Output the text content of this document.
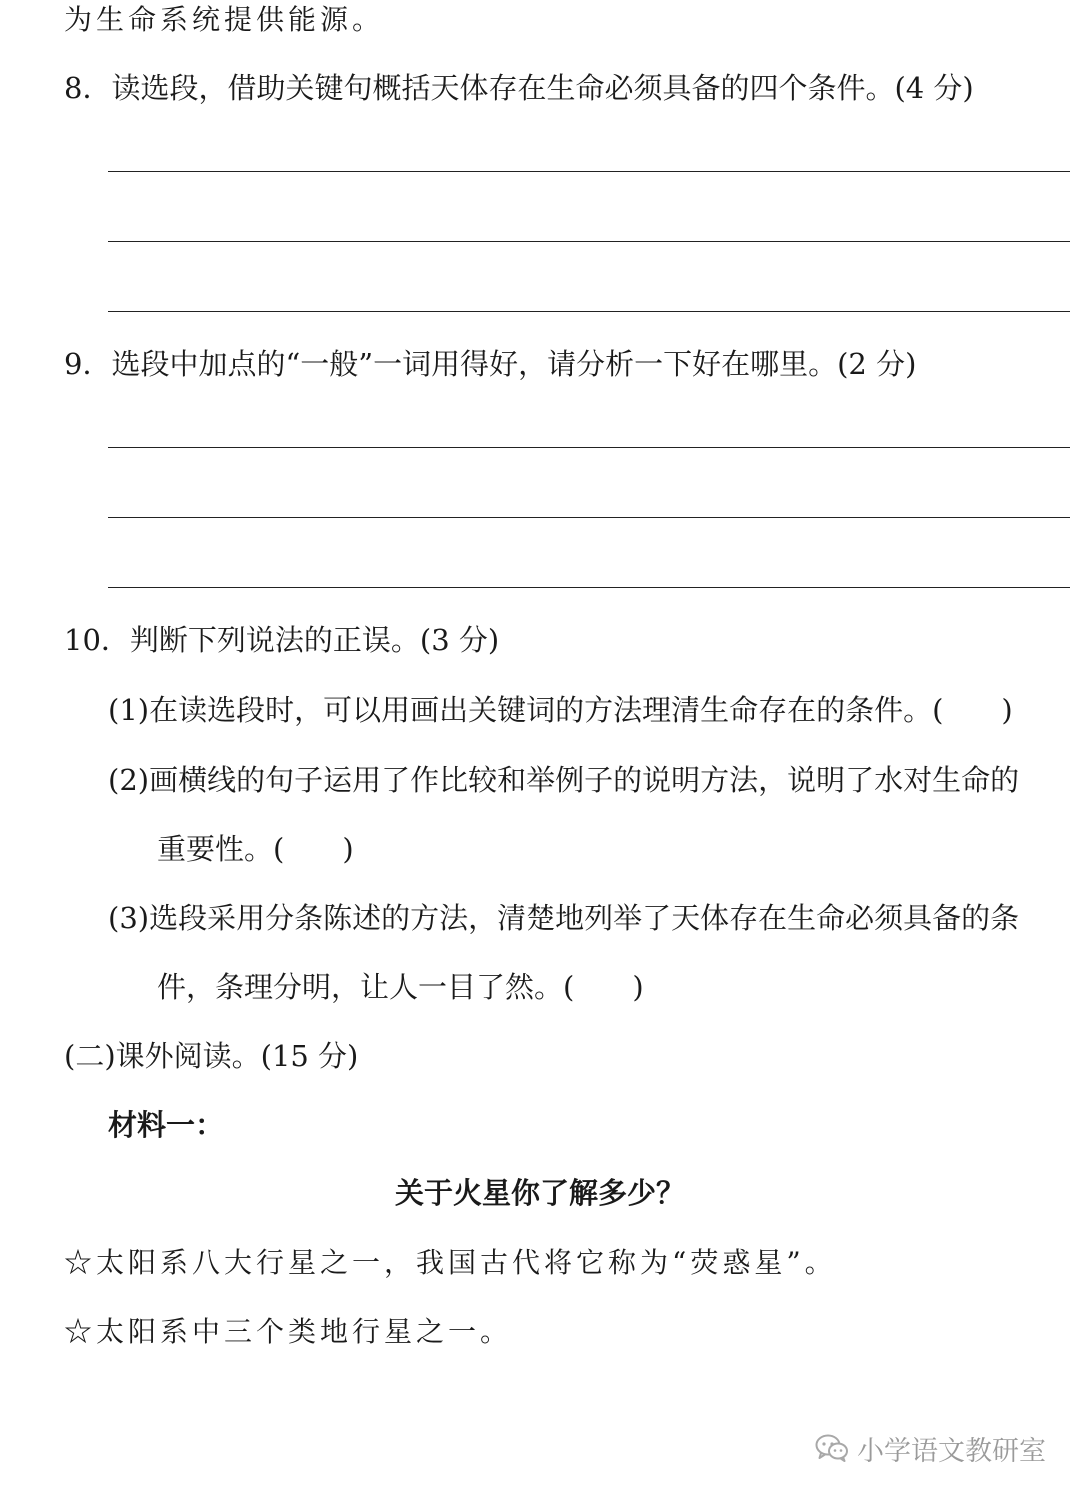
为生命系统提供能源。
8．读选段，借助关键句概括天体存在生命必须具备的四个条件。(4 分)
9．选段中加点的“一般”一词用得好，请分析一下好在哪里。(2 分)
10．判断下列说法的正误。(3 分)
(1)在读选段时，可以用画出关键词的方法理清生命存在的条件。(　　)
(2)画横线的句子运用了作比较和举例子的说明方法，说明了水对生命的
重要性。(　　)
(3)选段采用分条陈述的方法，清楚地列举了天体存在生命必须具备的条
件，条理分明，让人一目了然。(　　)
(二)课外阅读。(15 分)
材料一：
关于火星你了解多少？
☆太阳系八大行星之一，我国古代将它称为“荧惑星”。
☆太阳系中三个类地行星之一。
小学语文教研室
